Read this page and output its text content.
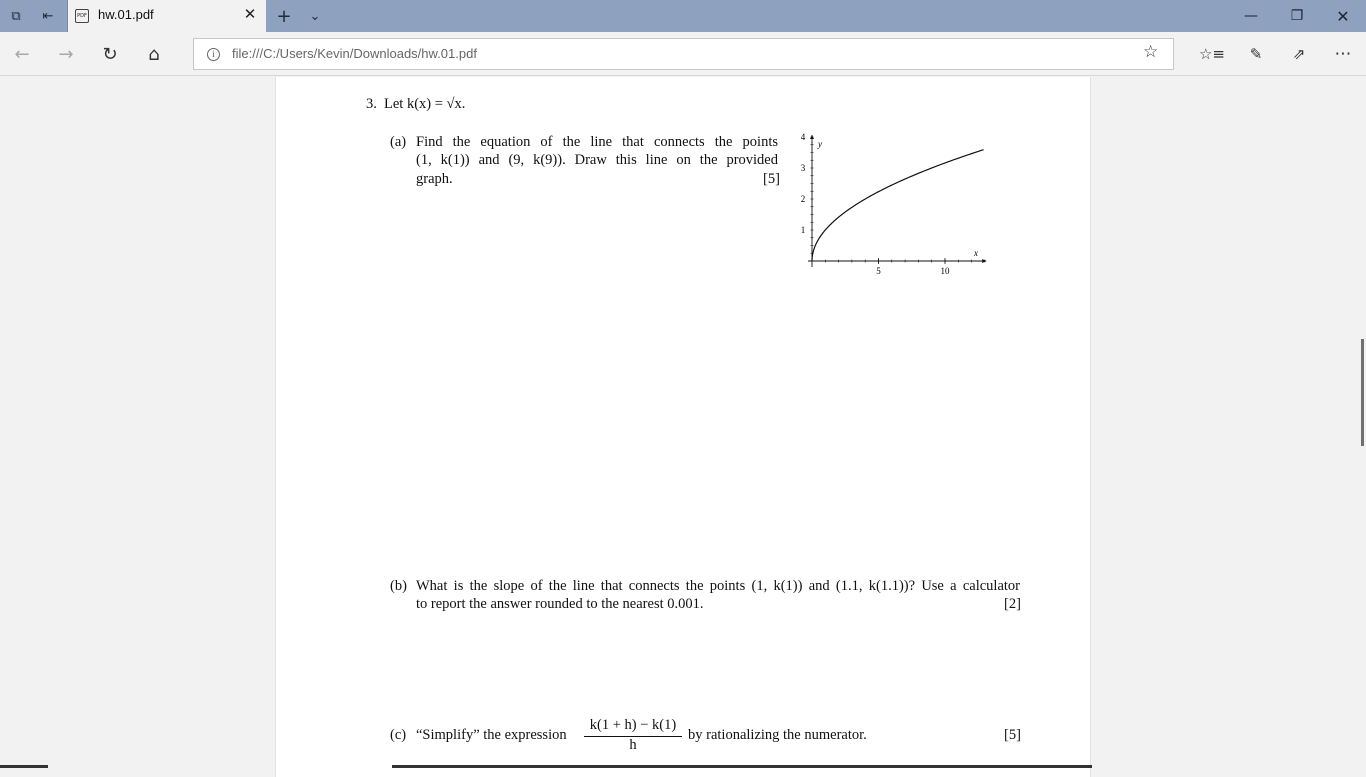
⧉	⇤	PDF hw.01.pdf	✕ +	⌄	—	❐	✕
←	→	↻	⌂	i	file:///C:/Users/Kevin/Downloads/hw.01.pdf	☆	☆≡	✎	⇗	⋯
3. Let k(x) = √x.
(a) Find the equation of the line that connects the points
(1, k(1)) and (9, k(9)). Draw this line on the provided
graph.	[5]
5	10
1
2
3
4
y
x
(b) What is the slope of the line that connects the points (1, k(1)) and (1.1, k(1.1))? Use a calculator
to report the answer rounded to the nearest 0.001.	[2]
(c) “Simplify” the expression
k(1 + h) − k(1)
h
by rationalizing the numerator.	[5]
